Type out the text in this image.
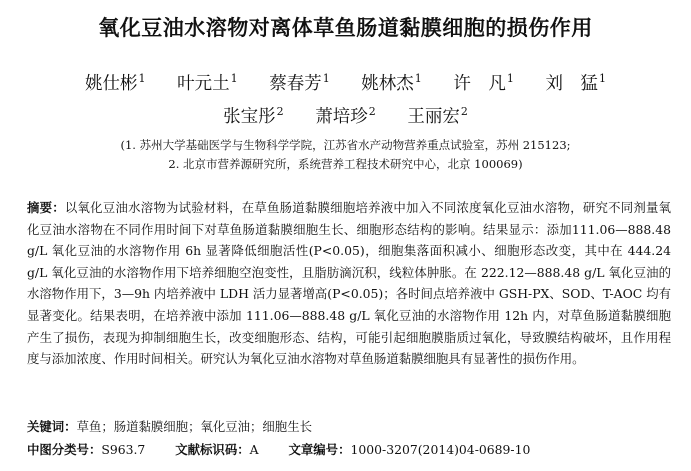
氧化豆油水溶物对离体草鱼肠道黏膜细胞的损伤作用
姚仕彬$^1$ 叶元土$^1$ 蔡春芳$^1$ 姚林杰$^1$ 许　凡$^1$ 刘　猛$^1$
张宝彤$^2$ 萧培珍$^2$ 王丽宏$^2$
(1. 苏州大学基础医学与生物科学学院，江苏省水产动物营养重点试验室，苏州 215123;
2. 北京市营养源研究所，系统营养工程技术研究中心，北京 100069)
摘要：以氧化豆油水溶物为试验材料，在草鱼肠道黏膜细胞培养液中加入不同浓度氧化豆油水溶物，研究不同剂量氧化豆油水溶物在不同作用时间下对草鱼肠道黏膜细胞生长、细胞形态结构的影响。结果显示：添加111.06—888.48 g/L 氧化豆油的水溶物作用 6h 显著降低细胞活性(P<0.05)，细胞集落面积减小、细胞形态改变，其中在 444.24 g/L 氧化豆油的水溶物作用下培养细胞空泡变性，且脂肪滴沉积，线粒体肿胀。在 222.12—888.48 g/L 氧化豆油的水溶物作用下，3—9h 内培养液中 LDH 活力显著增高(P<0.05)；各时间点培养液中 GSH-PX、SOD、T-AOC 均有显著变化。结果表明，在培养液中添加 111.06—888.48 g/L 氧化豆油的水溶物作用 12h 内，对草鱼肠道黏膜细胞产生了损伤，表现为抑制细胞生长，改变细胞形态、结构，可能引起细胞膜脂质过氧化，导致膜结构破坏，且作用程度与添加浓度、作用时间相关。研究认为氧化豆油水溶物对草鱼肠道黏膜细胞具有显著性的损伤作用。
关键词：草鱼；肠道黏膜细胞；氧化豆油；细胞生长
中图分类号：S963.7 文献标识码：A 文章编号：1000-3207(2014)04-0689-10
